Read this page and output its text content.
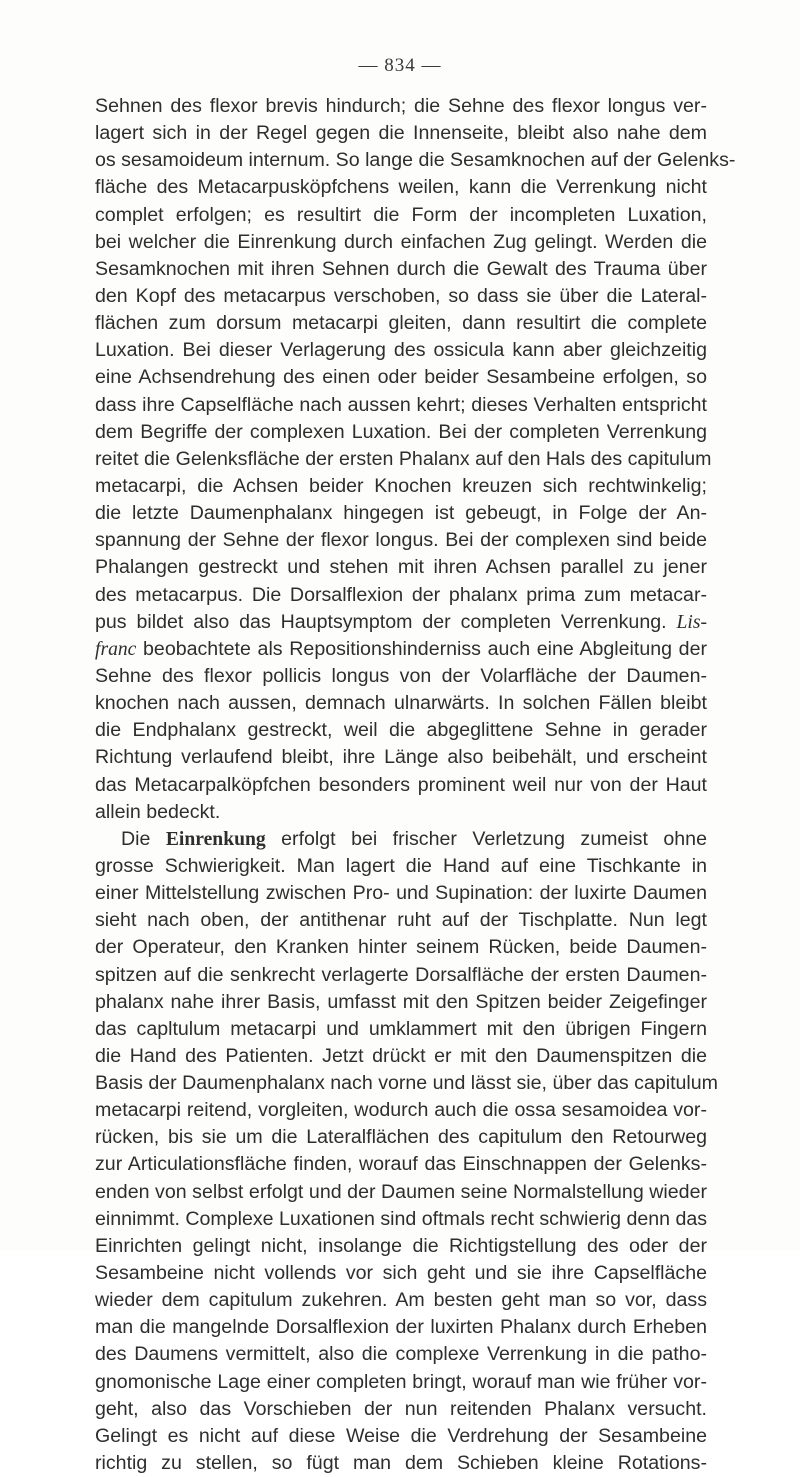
— 834 —
Sehnen des flexor brevis hindurch; die Sehne des flexor longus ver-
lagert sich in der Regel gegen die Innenseite, bleibt also nahe dem
os sesamoideum internum. So lange die Sesamknochen auf der Gelenks-
fläche des Metacarpusköpfchens weilen, kann die Verrenkung nicht
complet erfolgen; es resultirt die Form der incompleten Luxation,
bei welcher die Einrenkung durch einfachen Zug gelingt. Werden die
Sesamknochen mit ihren Sehnen durch die Gewalt des Trauma über
den Kopf des metacarpus verschoben, so dass sie über die Lateral-
flächen zum dorsum metacarpi gleiten, dann resultirt die complete
Luxation. Bei dieser Verlagerung des ossicula kann aber gleichzeitig
eine Achsendrehung des einen oder beider Sesambeine erfolgen, so
dass ihre Capselfläche nach aussen kehrt; dieses Verhalten entspricht
dem Begriffe der complexen Luxation. Bei der completen Verrenkung
reitet die Gelenksfläche der ersten Phalanx auf den Hals des capitulum
metacarpi, die Achsen beider Knochen kreuzen sich rechtwinkelig;
die letzte Daumenphalanx hingegen ist gebeugt, in Folge der An-
spannung der Sehne der flexor longus. Bei der complexen sind beide
Phalangen gestreckt und stehen mit ihren Achsen parallel zu jener
des metacarpus. Die Dorsalflexion der phalanx prima zum metacar-
pus bildet also das Hauptsymptom der completen Verrenkung. Lis-
franc beobachtete als Repositionshinderniss auch eine Abgleitung der
Sehne des flexor pollicis longus von der Volarfläche der Daumen-
knochen nach aussen, demnach ulnarwärts. In solchen Fällen bleibt
die Endphalanx gestreckt, weil die abgeglittene Sehne in gerader
Richtung verlaufend bleibt, ihre Länge also beibehält, und erscheint
das Metacarpalköpfchen besonders prominent weil nur von der Haut
allein bedeckt.
Die Einrenkung erfolgt bei frischer Verletzung zumeist ohne
grosse Schwierigkeit. Man lagert die Hand auf eine Tischkante in
einer Mittelstellung zwischen Pro- und Supination: der luxirte Daumen
sieht nach oben, der antithenar ruht auf der Tischplatte. Nun legt
der Operateur, den Kranken hinter seinem Rücken, beide Daumen-
spitzen auf die senkrecht verlagerte Dorsalfläche der ersten Daumen-
phalanx nahe ihrer Basis, umfasst mit den Spitzen beider Zeigefinger
das capltulum metacarpi und umklammert mit den übrigen Fingern
die Hand des Patienten. Jetzt drückt er mit den Daumenspitzen die
Basis der Daumenphalanx nach vorne und lässt sie, über das capitulum
metacarpi reitend, vorgleiten, wodurch auch die ossa sesamoidea vor-
rücken, bis sie um die Lateralflächen des capitulum den Retourweg
zur Articulationsfläche finden, worauf das Einschnappen der Gelenks-
enden von selbst erfolgt und der Daumen seine Normalstellung wieder
einnimmt. Complexe Luxationen sind oftmals recht schwierig denn das
Einrichten gelingt nicht, insolange die Richtigstellung des oder der
Sesambeine nicht vollends vor sich geht und sie ihre Capselfläche
wieder dem capitulum zukehren. Am besten geht man so vor, dass
man die mangelnde Dorsalflexion der luxirten Phalanx durch Erheben
des Daumens vermittelt, also die complexe Verrenkung in die patho-
gnomonische Lage einer completen bringt, worauf man wie früher vor-
geht, also das Vorschieben der nun reitenden Phalanx versucht.
Gelingt es nicht auf diese Weise die Verdrehung der Sesambeine
richtig zu stellen, so fügt man dem Schieben kleine Rotations-
